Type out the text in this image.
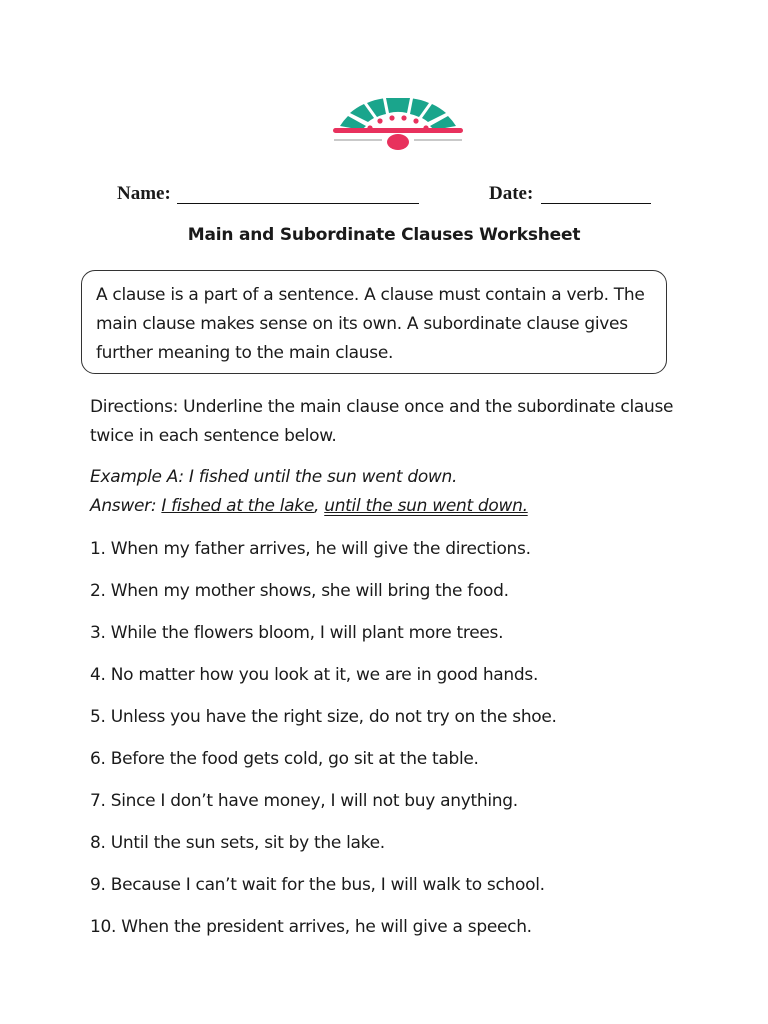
Name:	Date:
Main and Subordinate Clauses Worksheet
A clause is a part of a sentence. A clause must contain a verb. The main clause makes sense on its own. A subordinate clause gives further meaning to the main clause.
Directions: Underline the main clause once and the subordinate clause twice in each sentence below.
Example A: I fished until the sun went down.
Answer: I fished at the lake, until the sun went down.
1. When my father arrives, he will give the directions.
2. When my mother shows, she will bring the food.
3. While the flowers bloom, I will plant more trees.
4. No matter how you look at it, we are in good hands.
5. Unless you have the right size, do not try on the shoe.
6. Before the food gets cold, go sit at the table.
7. Since I don’t have money, I will not buy anything.
8. Until the sun sets, sit by the lake.
9. Because I can’t wait for the bus, I will walk to school.
10. When the president arrives, he will give a speech.
